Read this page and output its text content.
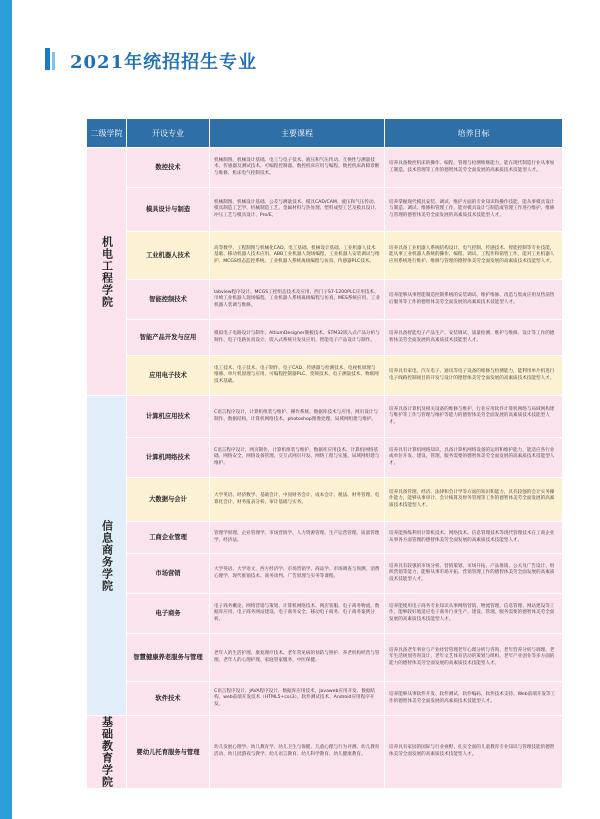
2021年统招招生专业
二级学院	开设专业	主要课程	培养目标
机电工程学院	数控技术	机械制图、机械设计基础、电工与电子技术、液压和气压传动、互换性与测量技术、传感器及测试技术、可编程控制器、数控机床应用与编程、数控机床故障诊断与维修、机床电气控制技术。	培养具备数控机床的操作、编程、管理与检测维修能力，能在现代制造行业从事加工制造、技术管理等工作的德智体美劳全面发展的高素质技术技能型人才。
	模具设计与制造	机械制图、机械设计基础、公差与测量技术、模具CAD/CAM、液压和气压传动、模具制造工艺学、机械制造工艺、金属材料与热处理、塑料成型工艺及模具设计、冲压工艺与模具设计、Pro/E。	培养掌握现代模具安装、调试、维护方面的专业知识和操作技能，能从事模具设计与制造、调试、维修和管理工作，能对模具设计与制造或管理工作进行维护、维修与管理的德智体美劳全面发展的高素质技术技能型人才。
	工业机器人技术	高等数学、工程制图与机械化CAD、电工基础、机械设计基础、工业机器人技术基础、移动机器人技术应用、ABB工业机器人现场编程、工业机器人安装调试与维护、MCGS组态监控系统、工业机器人系统离线编程与仿真、传感器PLC技术。	培养具备工业机器人系统结构设计、电气控制、传感技术、智能控制等专业技能，能从事工业机器人系统的操作、编程、调试、工程作和销售工作，能对工业机器人应用系统进行维护、维修与管理的德智体美劳全面发展的高素质技术技能型人才。
	智能控制技术	labview程序设计、MCGS工控组态技术及应用、西门子S7-1200PLC应用技术、川崎工业机器人现场编程、工业机器人系统离线编程与仿真、MES系统应用、工业机器人装调与维修。	培养能够从事智能制造控制系统的安装调试、维护维修、改造与集成应用及售前售后服务等工作的德智体美劳全面发展的高素质技术技能型人才。
	智能产品开发与应用	模拟电子电路设计与制作、AltiumDesigner制板技术、STM32嵌入式产品分析与制作、电子电路仿真设计、嵌入式系统开发及应用、智能电子产品设计与制作。	培养具备智能电子产品生产、安装调试、质量检测、维护与维修、设计等工作的德智体美劳全面发展的高素质技术技能型人才。
	应用电子技术	电工技术、电子技术、电子制作、电子CAD、传感器与检测技术、电视机原理与维修、单片机原理与应用、可编程控制器PLC、变频技术、电子测量技术、物联网技术基础。	培养具有家电、汽车电子、通讯等电子设备的维修与检测能力，能利用单片机进行电子线路控制项目的开发与设计的德智体美劳全面发展的高素质技术技能型人才。
信息商务学院	计算机应用技术	C语言程序设计、计算机组装与维护、操作系统、数据库技术与应用、网页设计与制作、数据结构、计算机网络技术、photoshop图像处理、局域网组建与维护。	培养具备计算机及相关设备的维修与维护，行业应用软件计算机网络与局域网构建与维护等工作与管理与维护等能力的德智体美劳全面发展的高素质技术技能型人才。
	计算机网络技术	C语言程序设计、网页制作、计算机组装与维护、数据库应用技术、计算机网络基础、网络安全、网络设备管理、交互式网页开发、网络工程与实施、局域网组建与维护。	培养具有计算机网络知识，具备计算机网络设备的运用和维护能力，能适应各行业或单位开发、建设、管理、服务需要的德智体美劳全面发展的高素质技术技能型人才。
	大数据与会计	大学英语、经济数学、基础会计、中国财务会计、成本会计、税法、财务管理、电算化会计、财务报表分析、审计基础与实务。	培养具备管理、经济、法律和会计学等方面的知识和能力，具有较强的会计实务操作能力，能够从事审计、会计核算及财务管理等工作的德智体美劳全面发展的高素质技术技能型人才。
	工商企业管理	管理学原理、企业管理学、市场营销学、人力资源管理、生产运营管理、质量管理学、经济法。	培养能熟练利用计算机技术、网络技术、信息管理技术等现代管理技术在工商企业从事各方面管理的德智体美劳全面发展的高素质技术技能型人才。
	市场营销	大学英语、大学语文、西方经济学、市场营销学、商品学、市场调查与预测、消费心理学、现代推销技术、商务谈判、广告原理与实务等课程。	培养具有较强的市场分析、营销策划、市场开拓、产品推销、公关及广告设计、组织营销等能力，能够从事市场开拓、营销管理工作的德智体美劳全面发展的高素质技术技能型人才。
	电子商务	电子商务概论、网络营销与策划、计算机网络技术、网店客服、电子商务物流、数据库应用、电子商务网站建设、电子商务安全、移动电子商务、电子商务案例分析。	培养能使用电子商务专业知识从事网络营销、物流管理、信息管理、网站建设等工作，能够较好地适应电子商务行业生产、建设、管理、服务需要的德智体美劳全面发展的高素质技术技能型人才。
	智慧健康养老服务与管理	老年人的生活护理、康复理疗技术、老年常见病的预防与照护、养老机构经营与管理、老年人的心理护理、家庭管家服务、中医保健。	培养具备老年事业与产业经营管理老年心理分析与咨询、老年营养分析与调理、老年生活规划咨询设计，老年文艺体育活动的策划与组织，老年产业创业等多方面的能力的德智体美劳全面发展的高素质技术技能型人才。
	软件技术	C语言程序设计、JAVA程序设计、数据库应用技术、Javaweb应用开发、数据结构、web前端开发技术（HTML5+css3）、软件测试技术、Android应用程序开发。	培养能够从事软件开发、软件测试、软件编码、软件技术支持、Web前端开发等工作的德智体美劳全面发展的高素质技术技能型人才。
基础教育学院	婴幼儿托育服务与管理	幼儿发展心理学、幼儿教育学、幼儿卫生与保健、儿童心理与行为评测、幼儿教育活动、幼儿园游戏与教学、幼儿语言教育、幼儿科学教育、幼儿健康教育。	培养具有家园的国际与行业视野、扎实全面的儿童教育专业知识与管理技能的德智体美劳全面发展的高素质技术技能型人才。
